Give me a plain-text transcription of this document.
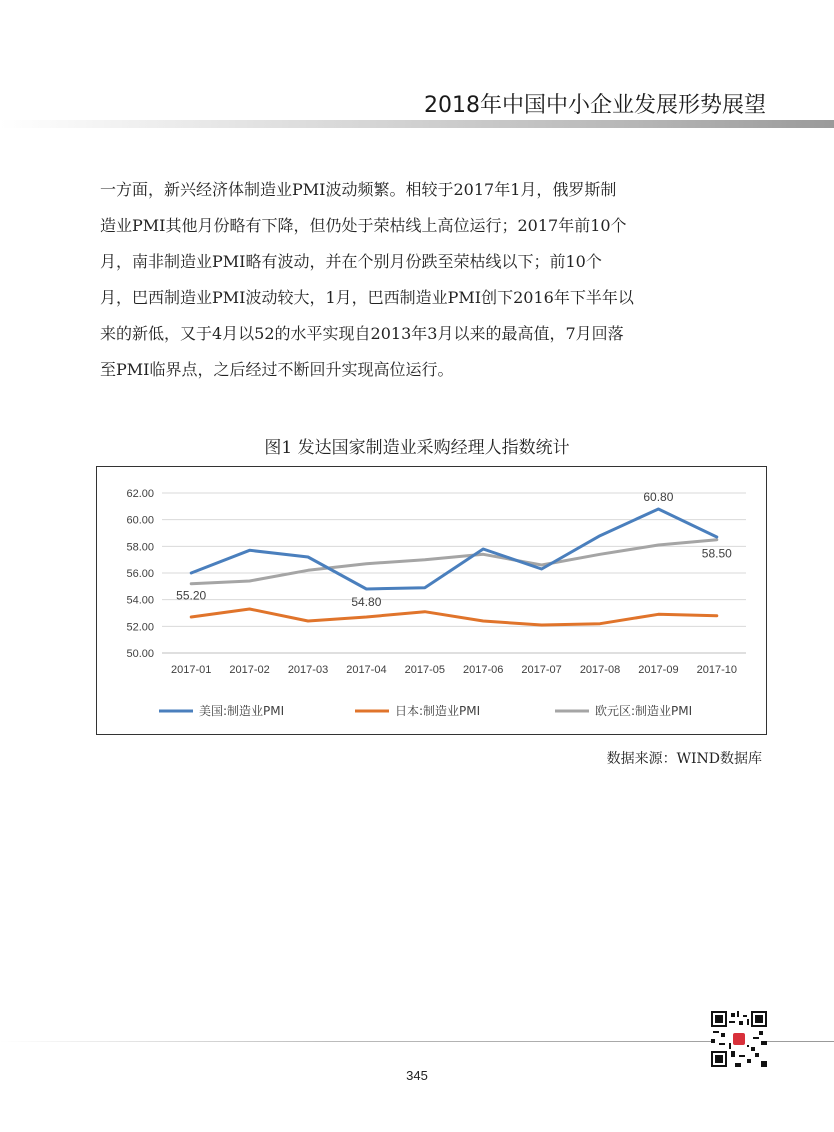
2018年中国中小企业发展形势展望

一方面，新兴经济体制造业PMI波动频繁。相较于2017年1月，俄罗斯制
造业PMI其他月份略有下降，但仍处于荣枯线上高位运行；2017年前10个
月，南非制造业PMI略有波动，并在个别月份跌至荣枯线以下；前10个
月，巴西制造业PMI波动较大，1月，巴西制造业PMI创下2016年下半年以
来的新低，又于4月以52的水平实现自2013年3月以来的最高值，7月回落
至PMI临界点，之后经过不断回升实现高位运行。

图1 发达国家制造业采购经理人指数统计
50.00
52.00
54.00
56.00
58.00
60.00
62.00
2017-01 2017-02 2017-03 2017-04 2017-05 2017-06 2017-07 2017-08 2017-09 2017-10
55.20	54.80
60.80
58.50
美国:制造业PMI	日本:制造业PMI	欧元区:制造业PMI
数据来源：WIND数据库
345
